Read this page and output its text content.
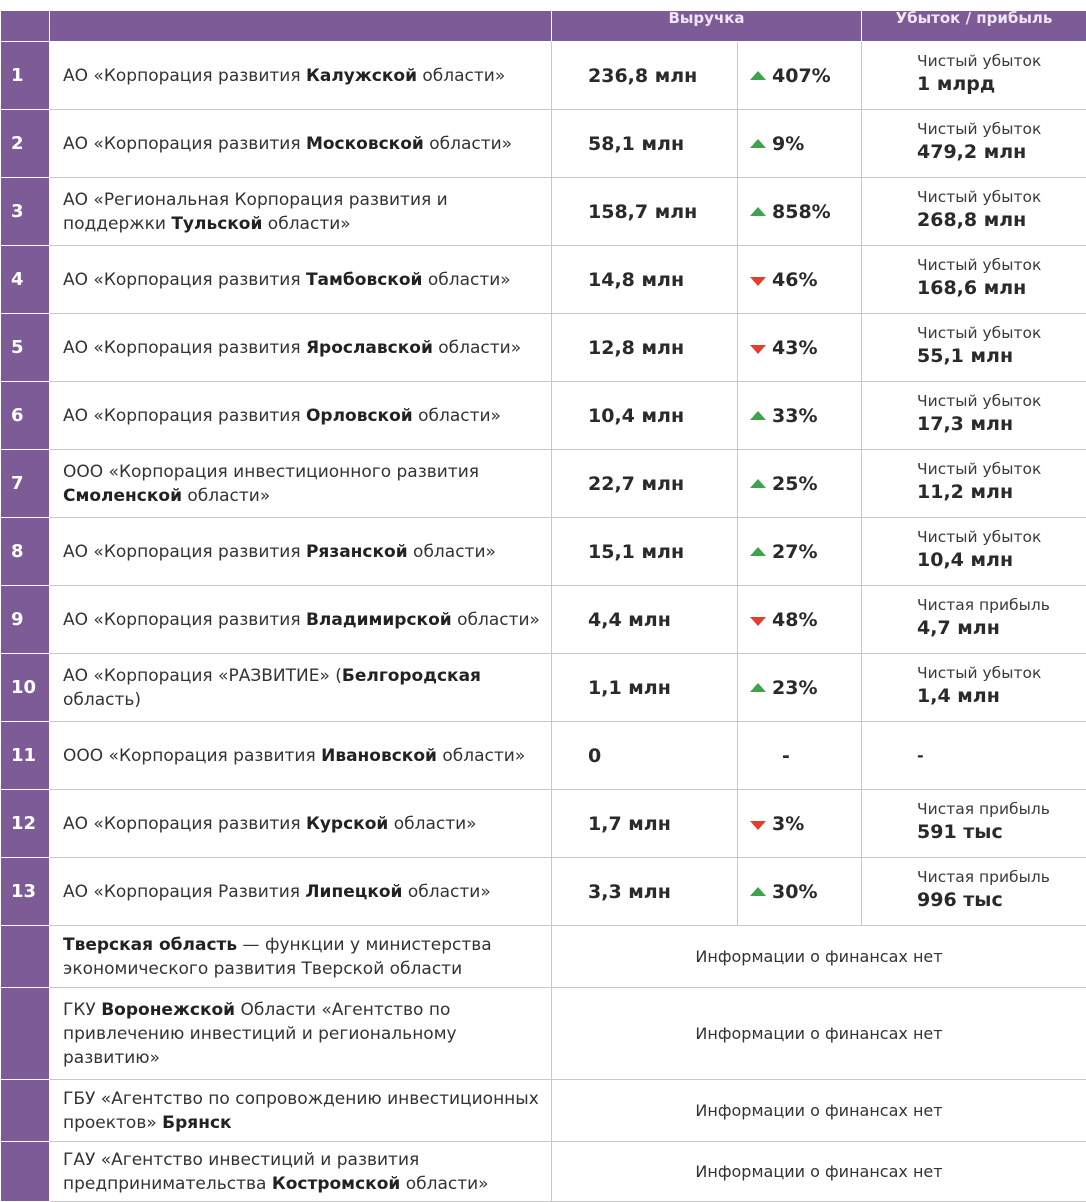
		Выручка		Убыток / прибыль
1	АО «Корпорация развития Калужской области»	236,8 млн	407%	Чистый убыток
1 млрд

2	АО «Корпорация развития Московской области»	58,1 млн	9%	Чистый убыток
479,2 млн

3	АО «Региональная Корпорация развития и поддержки Тульской области»	158,7 млн	858%	Чистый убыток
268,8 млн

4	АО «Корпорация развития Тамбовской области»	14,8 млн	46%	Чистый убыток
168,6 млн

5	АО «Корпорация развития Ярославской области»	12,8 млн	43%	Чистый убыток
55,1 млн

6	АО «Корпорация развития Орловской области»	10,4 млн	33%	Чистый убыток
17,3 млн

7	ООО «Корпорация инвестиционного развития Смоленской области»	22,7 млн	25%	Чистый убыток
11,2 млн

8	АО «Корпорация развития Рязанской области»	15,1 млн	27%	Чистый убыток
10,4 млн

9	АО «Корпорация развития Владимирской области»	4,4 млн	48%	Чистая прибыль
4,7 млн

10	АО «Корпорация «РАЗВИТИЕ» (Белгородская область)	1,1 млн	23%	Чистый убыток
1,4 млн

11	ООО «Корпорация развития Ивановской области»	0	-	-
12	АО «Корпорация развития Курской области»	1,7 млн	3%	Чистая прибыль
591 тыс

13	АО «Корпорация Развития Липецкой области»	3,3 млн	30%	Чистая прибыль
996 тыс

	Тверская область — функции у министерства экономического развития Тверской области	Информации о финансах нет		
	ГКУ Воронежской Области «Агентство по привлечению инвестиций и региональному развитию»	Информации о финансах нет		
	ГБУ «Агентство по сопровождению инвестиционных проектов» Брянск	Информации о финансах нет		
	ГАУ «Агентство инвестиций и развития предпринимательства Костромской области»	Информации о финансах нет		
